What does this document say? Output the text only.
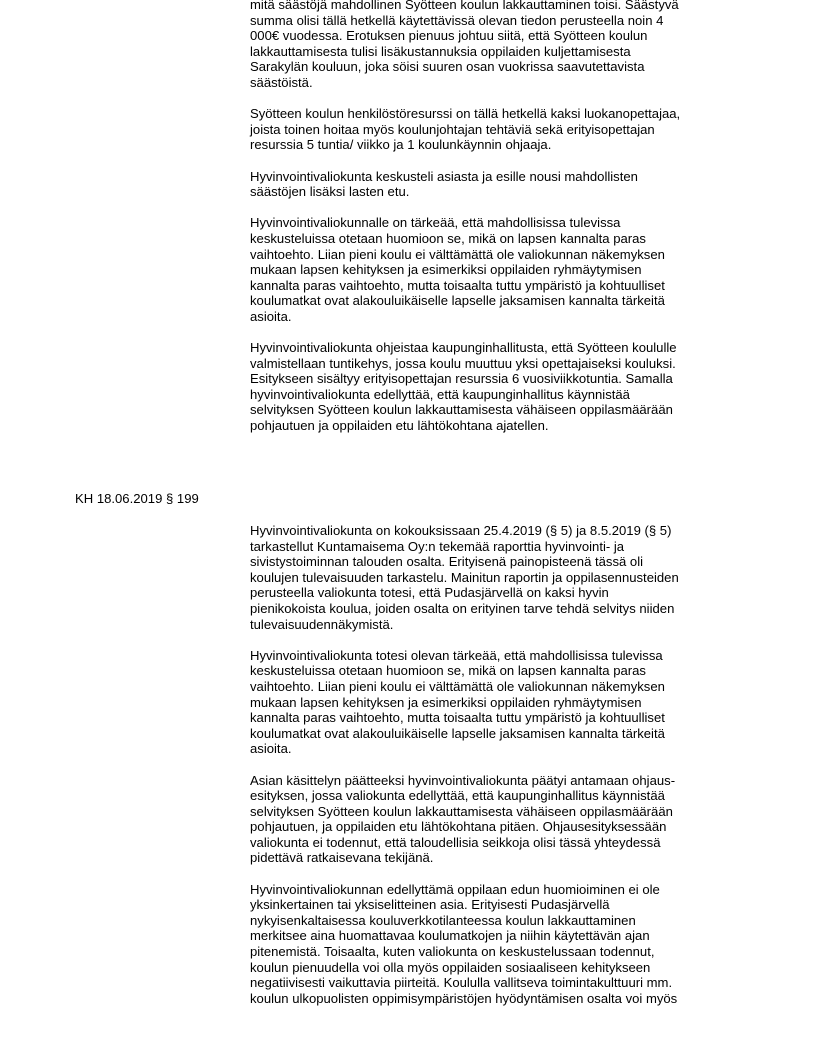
mitä säästöjä mahdollinen Syötteen koulun lakkauttaminen toisi. Säästyvä
summa olisi tällä hetkellä käytettävissä olevan tiedon perusteella noin 4
000€ vuodessa. Erotuksen pienuus johtuu siitä, että Syötteen koulun
lakkauttamisesta tulisi lisäkustannuksia oppilaiden kuljettamisesta
Sarakylän kouluun, joka söisi suuren osan vuokrissa saavutettavista
säästöistä.
Syötteen koulun henkilöstöresurssi on tällä hetkellä kaksi luokanopettajaa,
joista toinen hoitaa myös koulunjohtajan tehtäviä sekä erityisopettajan
resurssia 5 tuntia/ viikko ja 1 koulunkäynnin ohjaaja.
Hyvinvointivaliokunta keskusteli asiasta ja esille nousi mahdollisten
säästöjen lisäksi lasten etu.
Hyvinvointivaliokunnalle on tärkeää, että mahdollisissa tulevissa
keskusteluissa otetaan huomioon se, mikä on lapsen kannalta paras
vaihtoehto. Liian pieni koulu ei välttämättä ole valiokunnan näkemyksen
mukaan lapsen kehityksen ja esimerkiksi oppilaiden ryhmäytymisen
kannalta paras vaihtoehto, mutta toisaalta tuttu ympäristö ja kohtuulliset
koulumatkat ovat alakouluikäiselle lapselle jaksamisen kannalta tärkeitä
asioita.
Hyvinvointivaliokunta ohjeistaa kaupunginhallitusta, että Syötteen koululle
valmistellaan tuntikehys, jossa koulu muuttuu yksi opettajaiseksi kouluksi.
Esitykseen sisältyy erityisopettajan resurssia 6 vuosiviikkotuntia. Samalla
hyvinvointivaliokunta edellyttää, että kaupunginhallitus käynnistää
selvityksen Syötteen koulun lakkauttamisesta vähäiseen oppilasmäärään
pohjautuen ja oppilaiden etu lähtökohtana ajatellen.
KH 18.06.2019 § 199
Hyvinvointivaliokunta on kokouksissaan 25.4.2019 (§ 5) ja 8.5.2019 (§ 5)
tarkastellut Kuntamaisema Oy:n tekemää raporttia hyvinvointi- ja
sivistystoiminnan talouden osalta. Erityisenä painopisteenä tässä oli
koulujen tulevaisuuden tarkastelu. Mainitun raportin ja oppilasennusteiden
perusteella valiokunta totesi, että Pudasjärvellä on kaksi hyvin
pienikokoista koulua, joiden osalta on erityinen tarve tehdä selvitys niiden
tulevaisuudennäkymistä.
Hyvinvointivaliokunta totesi olevan tärkeää, että mahdollisissa tulevissa
keskusteluissa otetaan huomioon se, mikä on lapsen kannalta paras
vaihtoehto. Liian pieni koulu ei välttämättä ole valiokunnan näkemyksen
mukaan lapsen kehityksen ja esimerkiksi oppilaiden ryhmäytymisen
kannalta paras vaihtoehto, mutta toisaalta tuttu ympäristö ja kohtuulliset
koulumatkat ovat alakouluikäiselle lapselle jaksamisen kannalta tärkeitä
asioita.
Asian käsittelyn päätteeksi hyvinvointivaliokunta päätyi antamaan ohjaus-
esityksen, jossa valiokunta edellyttää, että kaupunginhallitus käynnistää
selvityksen Syötteen koulun lakkauttamisesta vähäiseen oppilasmäärään
pohjautuen, ja oppilaiden etu lähtökohtana pitäen. Ohjausesityksessään
valiokunta ei todennut, että taloudellisia seikkoja olisi tässä yhteydessä
pidettävä ratkaisevana tekijänä.
Hyvinvointivaliokunnan edellyttämä oppilaan edun huomioiminen ei ole
yksinkertainen tai yksiselitteinen asia. Erityisesti Pudasjärvellä
nykyisenkaltaisessa kouluverkkotilanteessa koulun lakkauttaminen
merkitsee aina huomattavaa koulumatkojen ja niihin käytettävän ajan
pitenemistä. Toisaalta, kuten valiokunta on keskustelussaan todennut,
koulun pienuudella voi olla myös oppilaiden sosiaaliseen kehitykseen
negatiivisesti vaikuttavia piirteitä. Koululla vallitseva toimintakulttuuri mm.
koulun ulkopuolisten oppimisympäristöjen hyödyntämisen osalta voi myös
